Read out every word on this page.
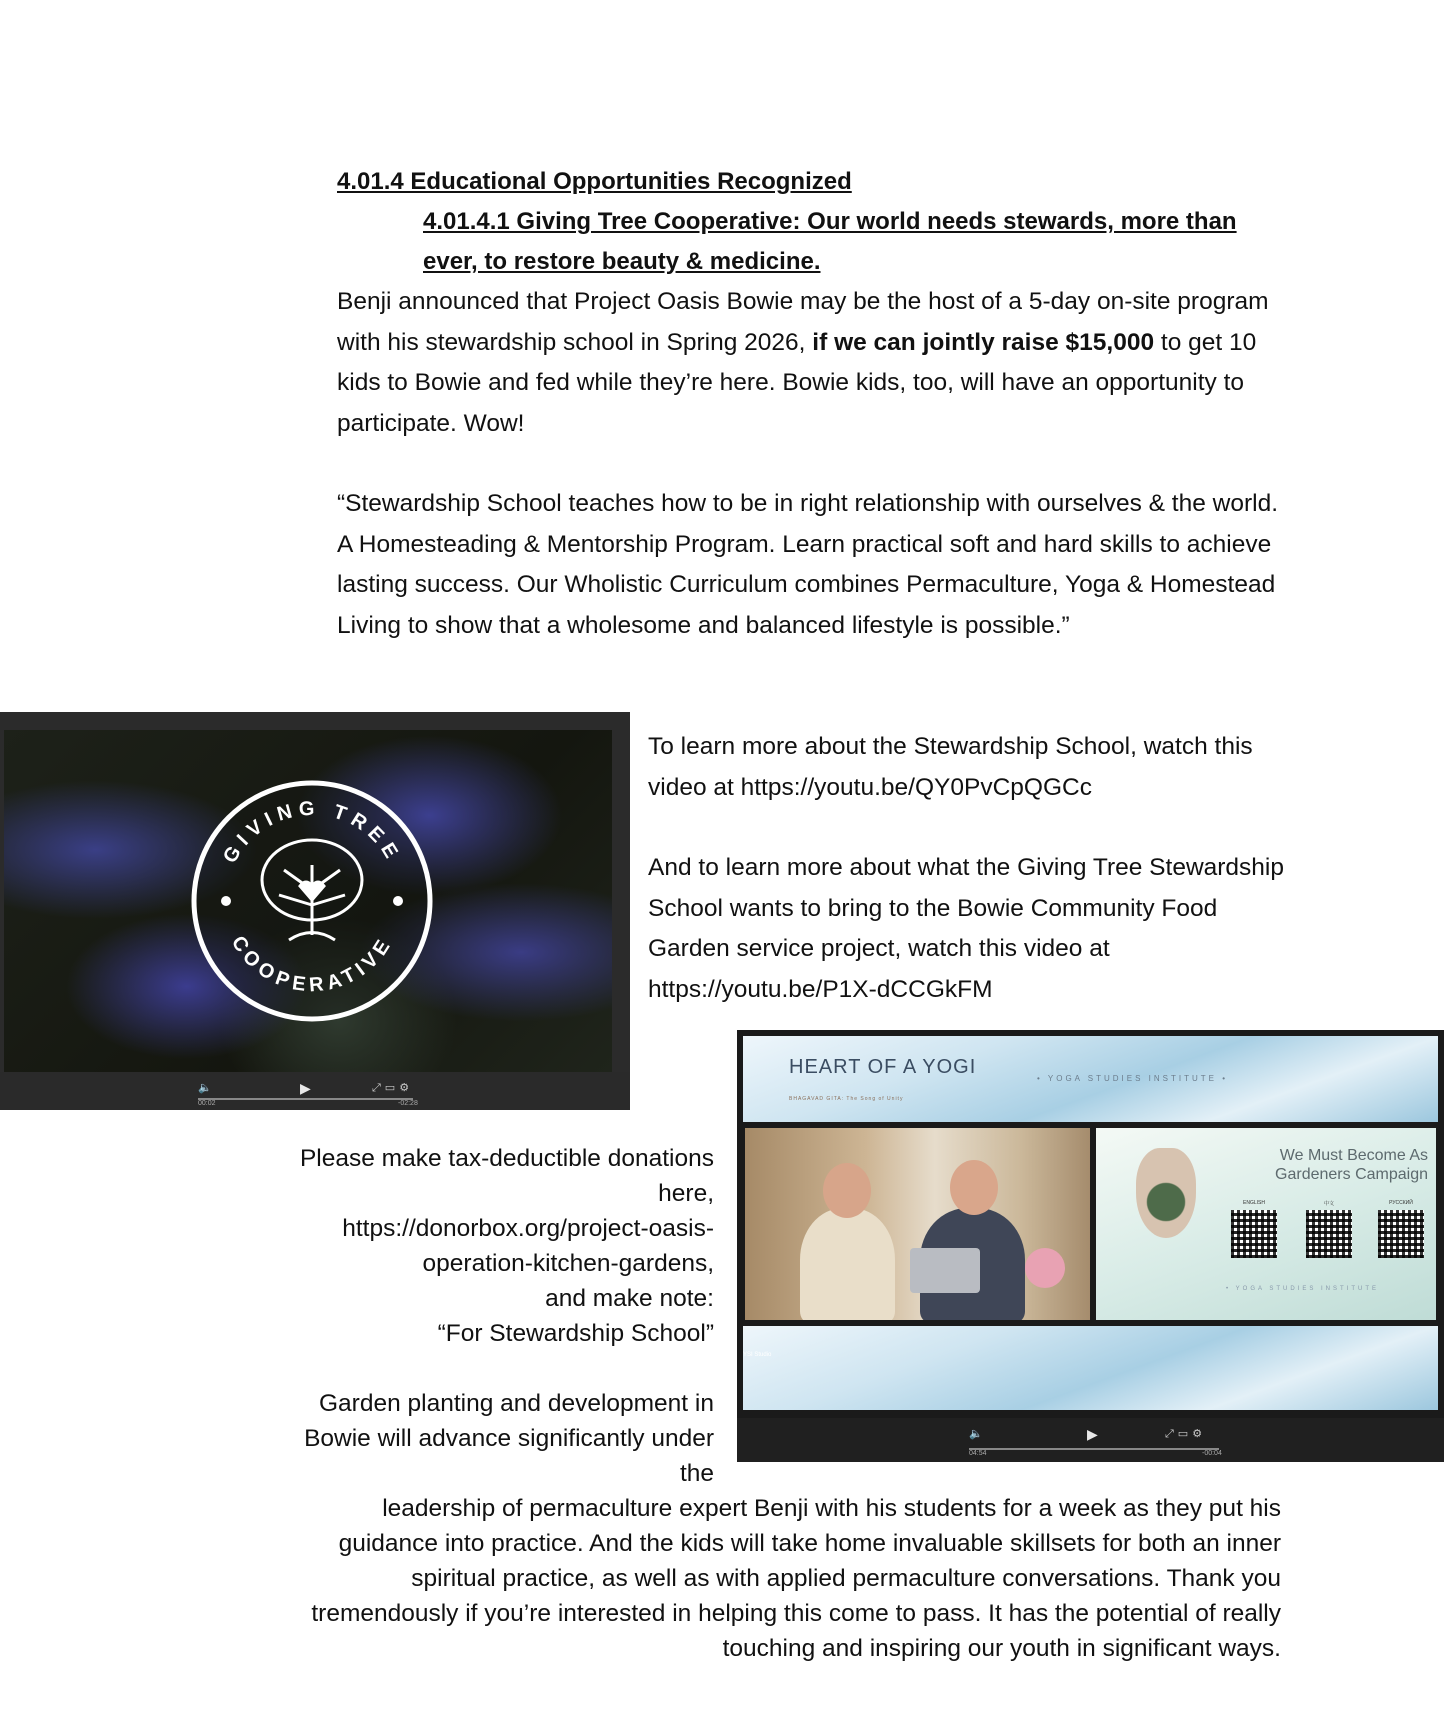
4.01.4 Educational Opportunities Recognized
4.01.4.1 Giving Tree Cooperative: Our world needs stewards, more than ever, to restore beauty & medicine.
Benji announced that Project Oasis Bowie may be the host of a 5-day on-site program with his stewardship school in Spring 2026, if we can jointly raise $15,000 to get 10 kids to Bowie and fed while they’re here. Bowie kids, too, will have an opportunity to participate. Wow!
“Stewardship School teaches how to be in right relationship with ourselves & the world. A Homesteading & Mentorship Program. Learn practical soft and hard skills to achieve lasting success. Our Wholistic Curriculum combines Permaculture, Yoga & Homestead Living to show that a wholesome and balanced lifestyle is possible.”
GIVING TREE
COOPERATIVE
🔈	▶	⤢▭⚙
00:02	-02:28
To learn more about the Stewardship School, watch this video at https://youtu.be/QY0PvCpQGCc
And to learn more about what the Giving Tree Stewardship School wants to bring to the Bowie Community Food Garden service project, watch this video at https://youtu.be/P1X-dCCGkFM
HEART OF A YOGI
BHAGAVAD GITA: The Song of Unity
• YOGA STUDIES INSTITUTE •
We Must Become As Gardeners Campaign
ENGLISH	中文	РУССКИЙ
• YOGA STUDIES INSTITUTE
YSI Studio
🔈	▶	⤢▭⚙
04:54	-00:04
Please make tax-deductible donations here,
https://donorbox.org/project-oasis-operation-kitchen-gardens,
and make note:
“For Stewardship School”
Garden planting and development in Bowie will advance significantly under the
leadership of permaculture expert Benji with his students for a week as they put his guidance into practice. And the kids will take home invaluable skillsets for both an inner spiritual practice, as well as with applied permaculture conversations. Thank you tremendously if you’re interested in helping this come to pass. It has the potential of really touching and inspiring our youth in significant ways.
